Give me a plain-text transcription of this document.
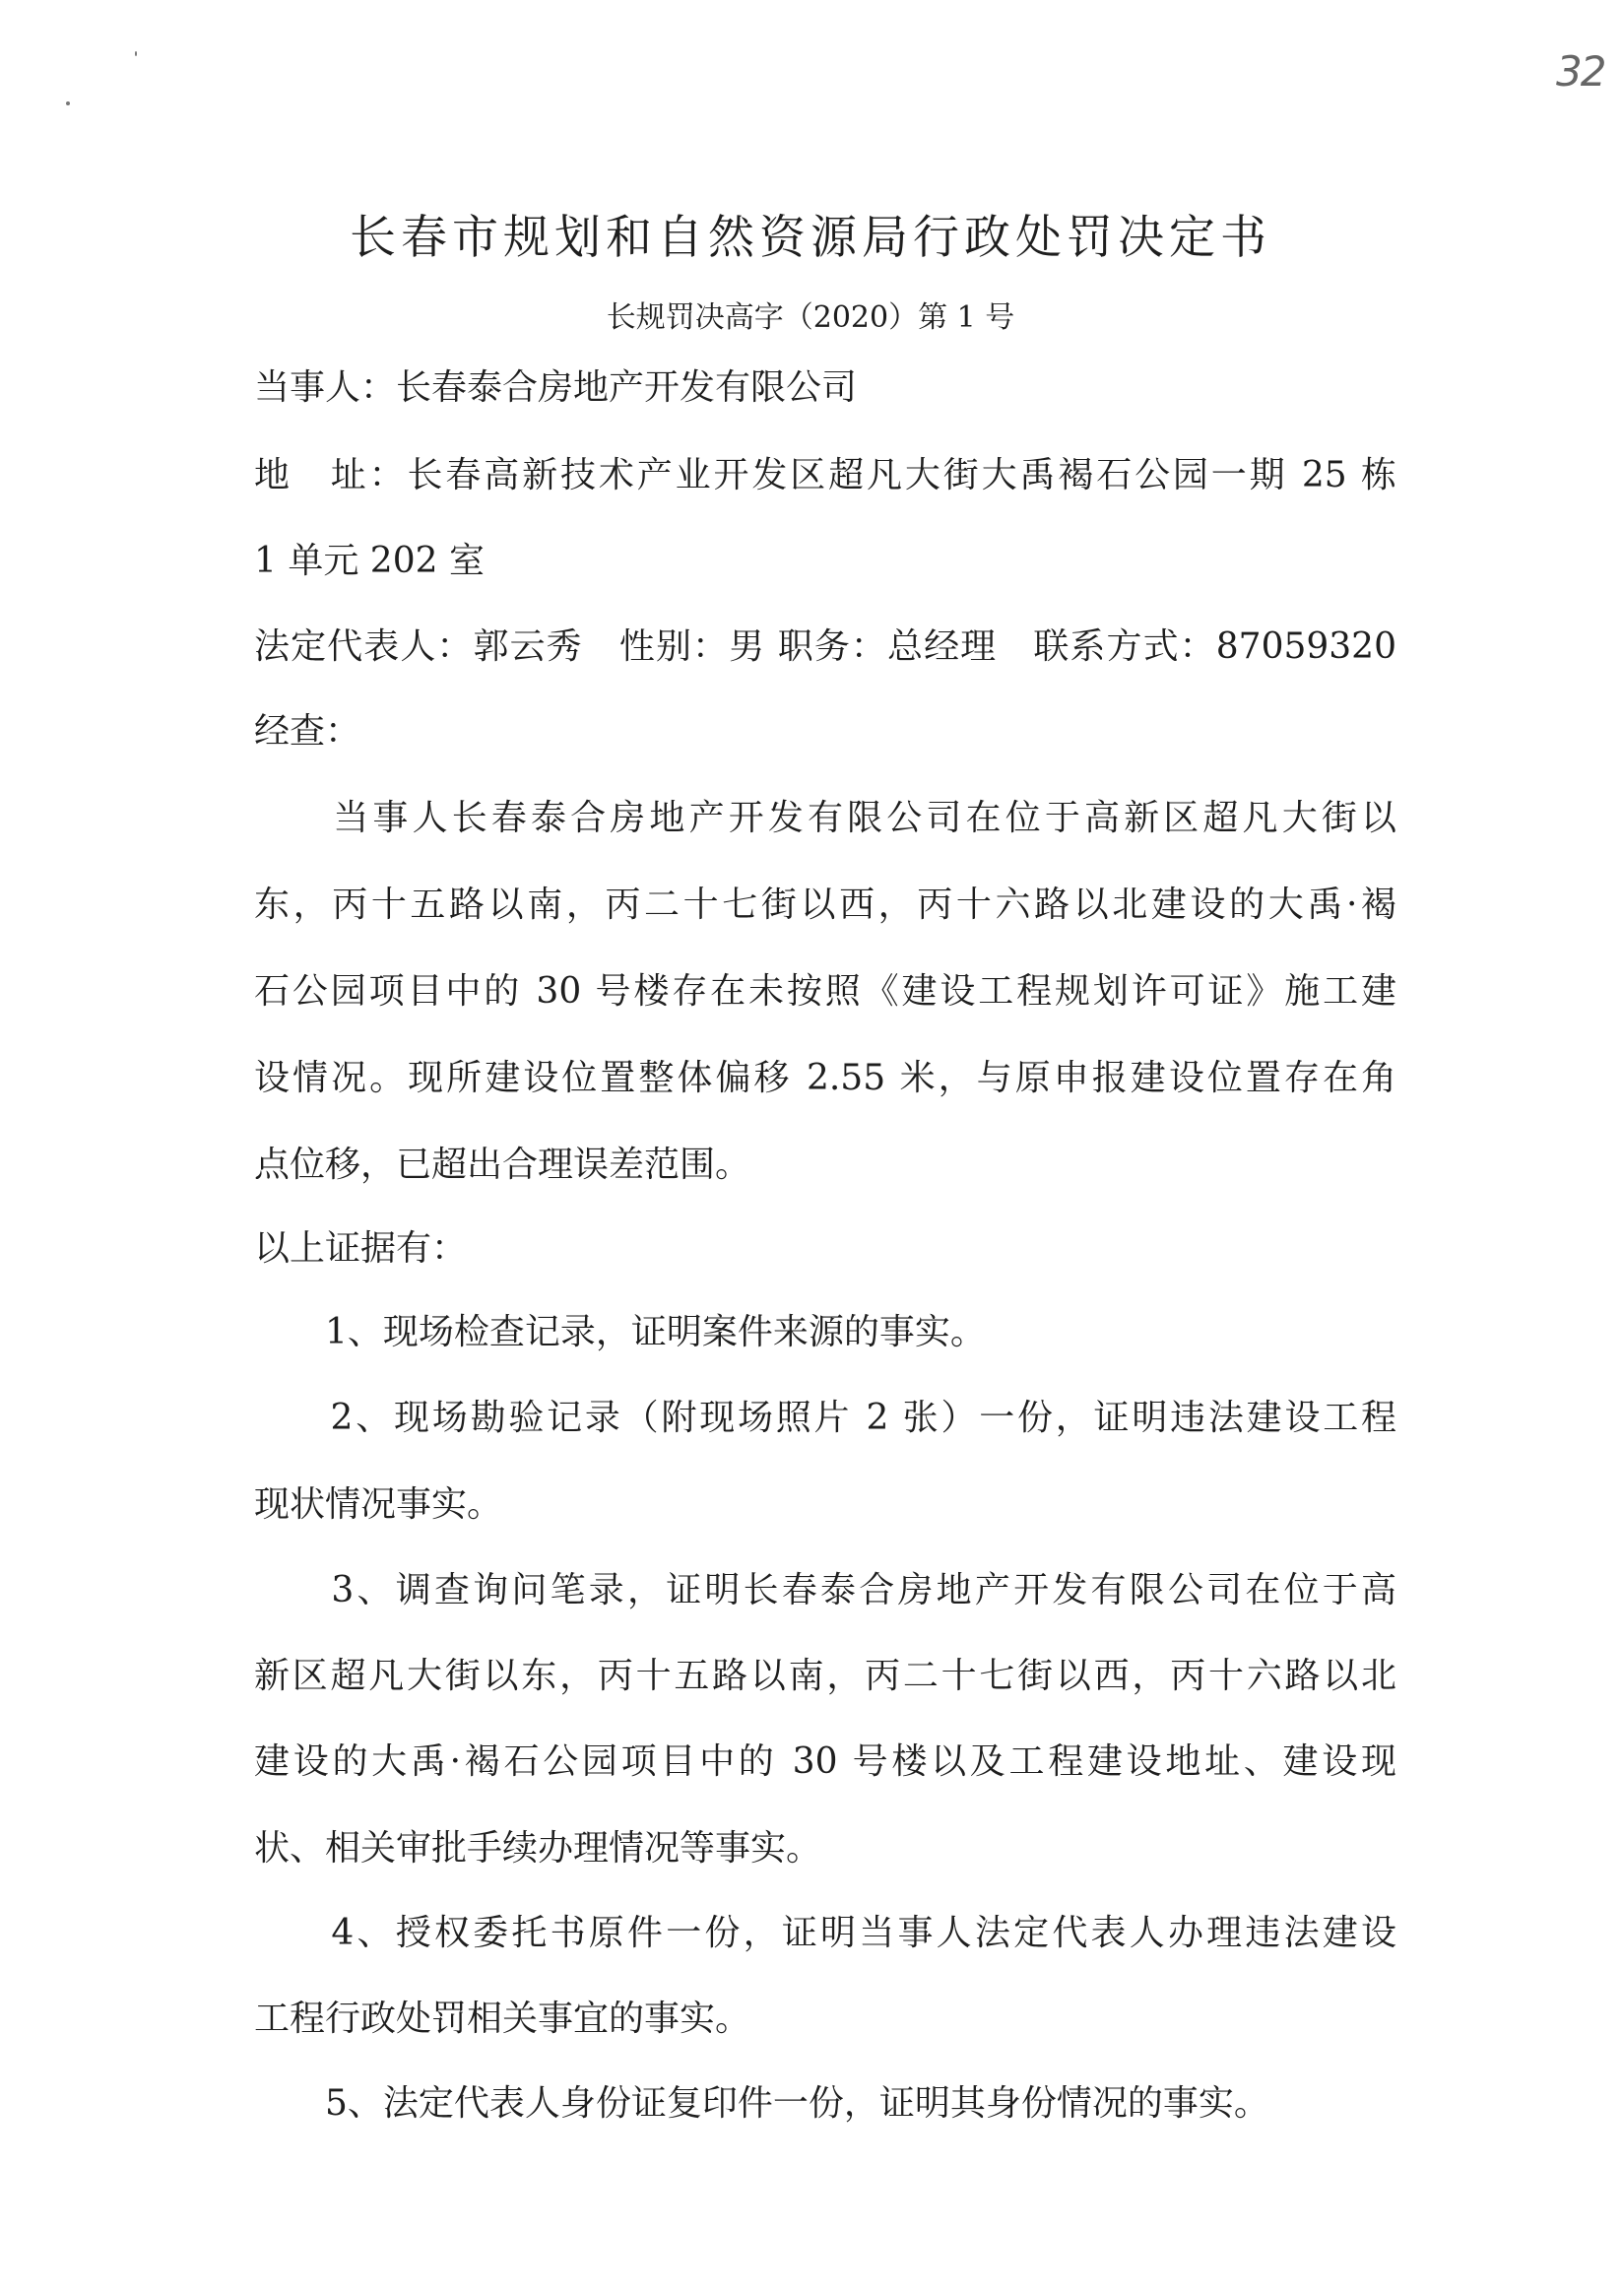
32
长春市规划和自然资源局行政处罚决定书
长规罚决高字（2020）第 1 号
当事人：长春泰合房地产开发有限公司
地　址：长春高新技术产业开发区超凡大街大禹褐石公园一期 25 栋
1 单元 202 室
法定代表人：郭云秀　性别：男 职务：总经理　联系方式：87059320
经查：
　　当事人长春泰合房地产开发有限公司在位于高新区超凡大街以
东，丙十五路以南，丙二十七街以西，丙十六路以北建设的大禹·褐
石公园项目中的 30 号楼存在未按照《建设工程规划许可证》施工建
设情况。现所建设位置整体偏移 2.55 米，与原申报建设位置存在角
点位移，已超出合理误差范围。
以上证据有：
　　1、现场检查记录，证明案件来源的事实。
　　2、现场勘验记录（附现场照片 2 张）一份，证明违法建设工程
现状情况事实。
　　3、调查询问笔录，证明长春泰合房地产开发有限公司在位于高
新区超凡大街以东，丙十五路以南，丙二十七街以西，丙十六路以北
建设的大禹·褐石公园项目中的 30 号楼以及工程建设地址、建设现
状、相关审批手续办理情况等事实。
　　4、授权委托书原件一份，证明当事人法定代表人办理违法建设
工程行政处罚相关事宜的事实。
　　5、法定代表人身份证复印件一份，证明其身份情况的事实。
